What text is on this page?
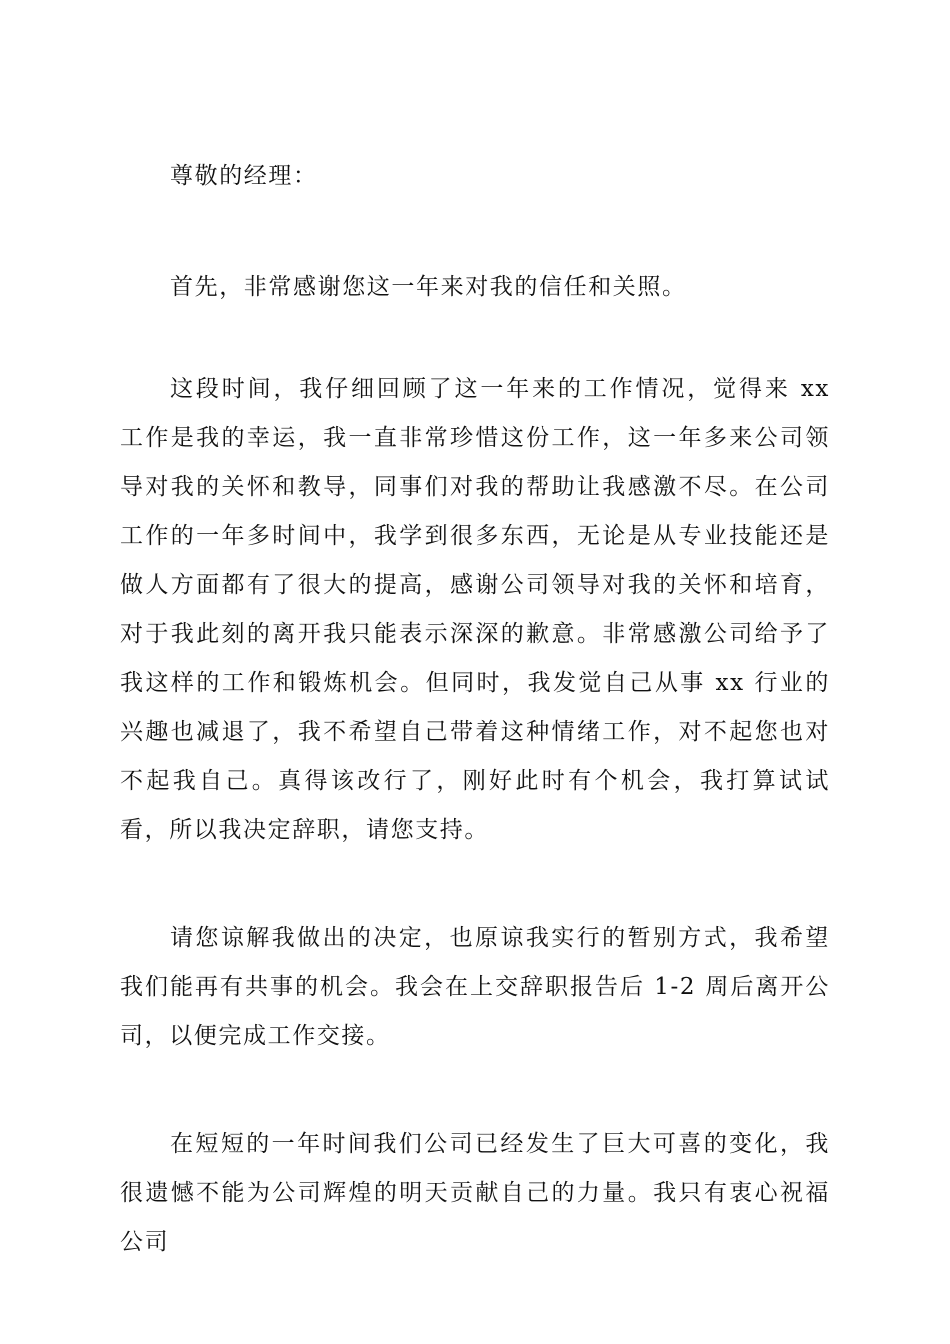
尊敬的经理：

首先，非常感谢您这一年来对我的信任和关照。

这段时间，我仔细回顾了这一年来的工作情况，觉得来 xx 工作是我的幸运，我一直非常珍惜这份工作，这一年多来公司领导对我的关怀和教导，同事们对我的帮助让我感激不尽。在公司工作的一年多时间中，我学到很多东西，无论是从专业技能还是做人方面都有了很大的提高，感谢公司领导对我的关怀和培育，对于我此刻的离开我只能表示深深的歉意。非常感激公司给予了我这样的工作和锻炼机会。但同时，我发觉自己从事 xx 行业的兴趣也减退了，我不希望自己带着这种情绪工作，对不起您也对不起我自己。真得该改行了，刚好此时有个机会，我打算试试看，所以我决定辞职，请您支持。

请您谅解我做出的决定，也原谅我实行的暂别方式，我希望我们能再有共事的机会。我会在上交辞职报告后 1-2 周后离开公司，以便完成工作交接。

在短短的一年时间我们公司已经发生了巨大可喜的变化，我很遗憾不能为公司辉煌的明天贡献自己的力量。我只有衷心祝福公司
